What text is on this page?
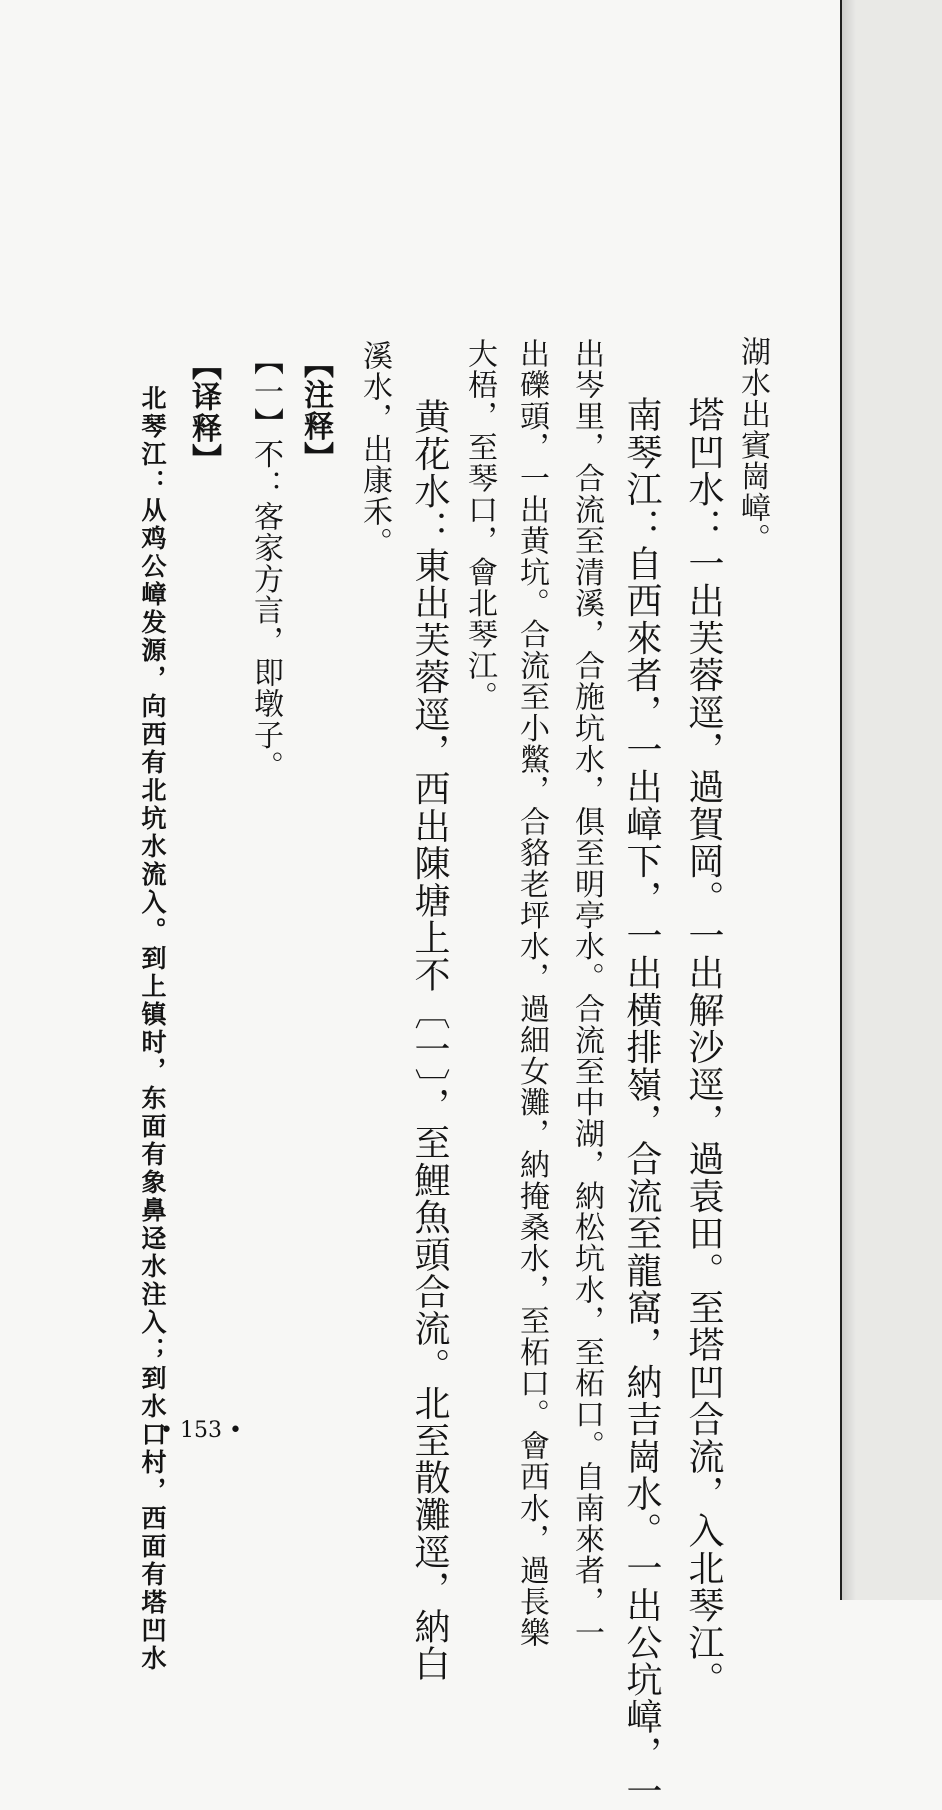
湖水出賓崗嶂。
塔凹水：一出芙蓉逕，過賀岡。一出解沙逕，過袁田。至塔凹合流，入北琴江。
南琴江：自西來者，一出嶂下，一出横排嶺，合流至龍窩，納吉崗水。一出公坑嶂，一
出岑里，合流至清溪，合施坑水，俱至明亭水。合流至中湖，納松坑水，至柘口。自南來者，一
出礫頭，一出黄坑。合流至小鱉，合貉老坪水，過細女灘，納掩桑水，至柘口。會西水，過長樂
大梧，至琴口，會北琴江。
黄花水：東出芙蓉逕，西出陳塘上不〔一〕，至鯉魚頭合流。北至散灘逕，納白
溪水，出康禾。
【注释】
【一】不：客家方言，即墩子。
【译释】
北琴江：从鸡公嶂发源，向西有北坑水流入。到上镇时，东面有象鼻迳水注入；到水口村，西面有塔凹水
• 153 •
